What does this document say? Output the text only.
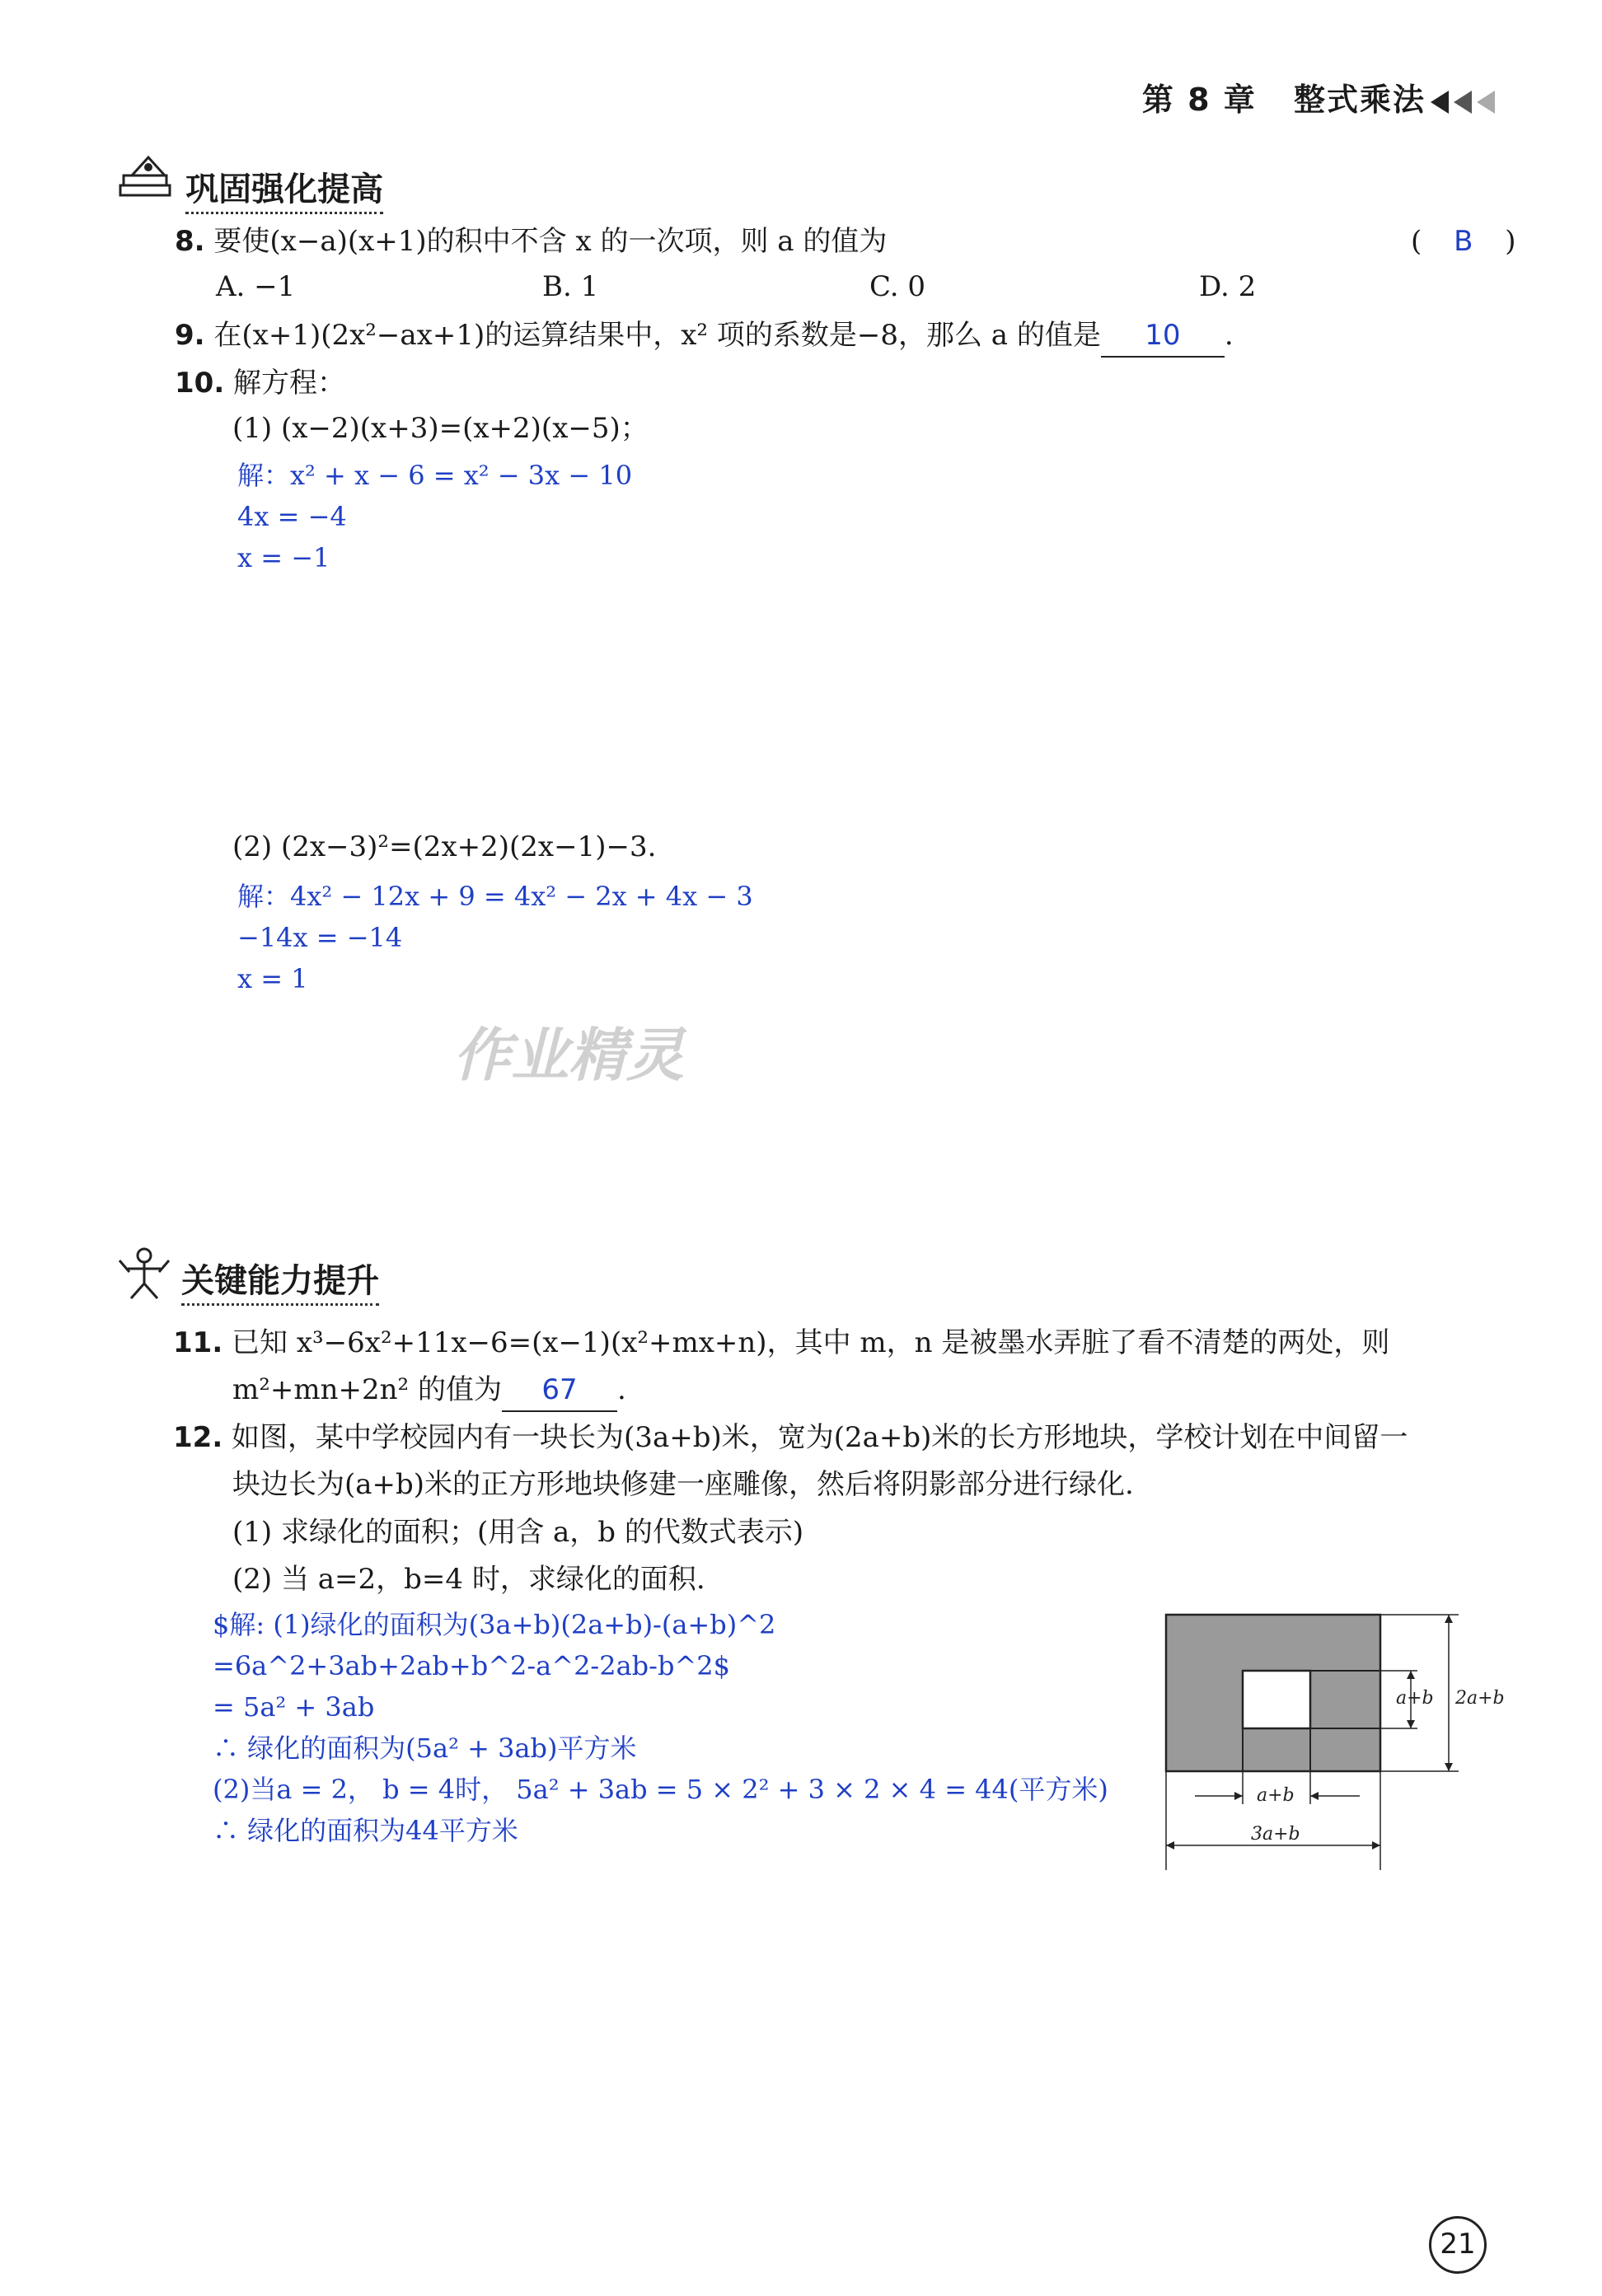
第 8 章 整式乘法
巩固强化提高
8. 要使(x−a)(x+1)的积中不含 x 的一次项，则 a 的值为	( B )
A. −1	B. 1	C. 0	D. 2
9. 在(x+1)(2x²−ax+1)的运算结果中，x² 项的系数是−8，那么 a 的值是 10 .
10. 解方程：
(1) (x−2)(x+3)=(x+2)(x−5)；
解：x² + x − 6 = x² − 3x − 10
4x = −4
x = −1
(2) (2x−3)²=(2x+2)(2x−1)−3.
解：4x² − 12x + 9 = 4x² − 2x + 4x − 3
−14x = −14
x = 1
作业精灵
关键能力提升
11. 已知 x³−6x²+11x−6=(x−1)(x²+mx+n)，其中 m，n 是被墨水弄脏了看不清楚的两处，则
m²+mn+2n² 的值为 67 .
12. 如图，某中学校园内有一块长为(3a+b)米，宽为(2a+b)米的长方形地块，学校计划在中间留一
块边长为(a+b)米的正方形地块修建一座雕像，然后将阴影部分进行绿化.
(1) 求绿化的面积；(用含 a，b 的代数式表示)
(2) 当 a=2，b=4 时，求绿化的面积.
$解: (1)绿化的面积为(3a+b)(2a+b)-(a+b)^2
=6a^2+3ab+2ab+b^2-a^2-2ab-b^2$
= 5a² + 3ab
∴ 绿化的面积为(5a² + 3ab)平方米
(2)当a = 2， b = 4时， 5a² + 3ab = 5 × 2² + 3 × 2 × 4 = 44(平方米)
∴ 绿化的面积为44平方米
a+b 2a+b
a+b
3a+b
21
